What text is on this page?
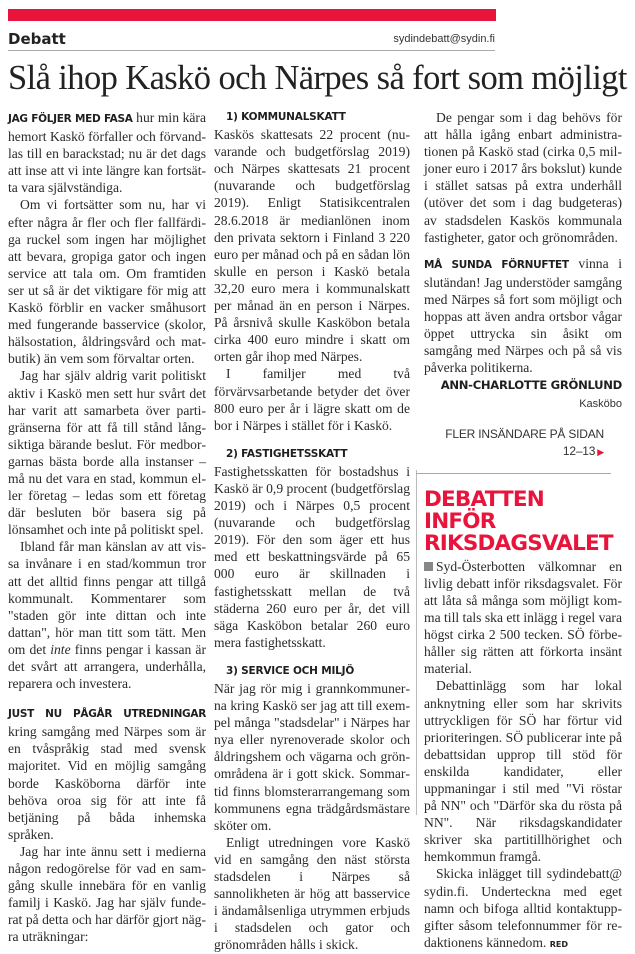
Debatt	sydindebatt@sydin.fi
Slå ihop Kaskö och Närpes så fort som möjligt

JAG FÖLJER MED FASA hur min kära hemort Kaskö förfaller och förvandlas till en barackstad; nu är det dags att inse att vi inte längre kan fortsätta vara självständiga.

Om vi fortsätter som nu, har vi efter några år fler och fler fallfärdiga ruckel som ingen har möjlighet att bevara, gropiga gator och ingen service att tala om. Om framtiden ser ut så är det viktigare för mig att Kaskö förblir en vacker småhusort med fungerande basservice (skolor, hälsostation, åldringsvård och matbutik) än vem som förvaltar orten.

Jag har själv aldrig varit politiskt aktiv i Kaskö men sett hur svårt det har varit att samarbeta över partigränserna för att få till stånd långsiktiga bärande beslut. För medborgarnas bästa borde alla instanser – må nu det vara en stad, kommun eller företag – ledas som ett företag där besluten bör basera sig på lönsamhet och inte på politiskt spel.

Ibland får man känslan av att vissa invånare i en stad/kommun tror att det alltid finns pengar att tillgå kommunalt. Kommentarer som "staden gör inte dittan och inte dattan", hör man titt som tätt. Men om det inte finns pengar i kassan är det svårt att arrangera, underhålla, reparera och investera.

JUST NU PÅGÅR UTREDNINGAR kring samgång med Närpes som är en tvåspråkig stad med svensk majoritet. Vid en möjlig samgång borde Kasköborna därför inte behöva oroa sig för att inte få betjäning på båda inhemska språken.

Jag har inte ännu sett i medierna någon redogörelse för vad en samgång skulle innebära för en vanlig familj i Kaskö. Jag har själv funderat på detta och har därför gjort nägra uträkningar:

1) KOMMUNALSKATT

Kaskös skattesats 22 procent (nuvarande och budgetförslag 2019) och Närpes skattesats 21 procent (nuvarande och budgetförslag 2019). Enligt Statisikcentralen 28.6.2018 är medianlönen inom den privata sektorn i Finland 3 220 euro per månad och på en sådan lön skulle en person i Kaskö betala 32,20 euro mera i kommunalskatt per månad än en person i Närpes. På årsnivå skulle Kasköbon betala cirka 400 euro mindre i skatt om orten går ihop med Närpes.

I familjer med två förvärvsarbetande betyder det över 800 euro per år i lägre skatt om de bor i Närpes i stället för i Kaskö.

2) FASTIGHETSSKATT

Fastighetsskatten för bostadshus i Kaskö är 0,9 procent (budgetförslag 2019) och i Närpes 0,5 procent (nuvarande och budgetförslag 2019). För den som äger ett hus med ett beskattningsvärde på 65 000 euro är skillnaden i fastighetsskatt mellan de två städerna 260 euro per år, det vill säga Kasköbon betalar 260 euro mera fastighetsskatt.

3) SERVICE OCH MILJÖ

När jag rör mig i grannkommunerna kring Kaskö ser jag att till exempel många "stadsdelar" i Närpes har nya eller nyrenoverade skolor och åldringshem och vägarna och grönområdena är i gott skick. Sommartid finns blomsterarrangemang som kommunens egna trädgårdsmästare sköter om.

Enligt utredningen vore Kaskö vid en samgång den näst största stadsdelen i Närpes så sannolikheten är hög att basservice i ändamålsenliga utrymmen erbjuds i stadsdelen och gator och grönområden hålls i skick.

De pengar som i dag behövs för att hålla igång enbart administrationen på Kaskö stad (cirka 0,5 miljoner euro i 2017 års bokslut) kunde i stället satsas på extra underhåll (utöver det som i dag budgeteras) av stadsdelen Kaskös kommunala fastigheter, gator och grönområden.

MÅ SUNDA FÖRNUFTET vinna i slutändan! Jag understöder samgång med Närpes så fort som möjligt och hoppas att även andra ortsbor vågar öppet uttrycka sin åsikt om samgång med Närpes och på så vis påverka politikerna.

ANN-CHARLOTTE GRÖNLUND
Kasköbo
FLER INSÄNDARE PÅ SIDAN 12–13 ▶
DEBATTEN INFÖR
RIKSDAGSVALET

Syd-Österbotten välkomnar en livlig debatt inför riksdagsvalet. För att låta så många som möjligt komma till tals ska ett inlägg i regel vara högst cirka 2 500 tecken. SÖ förbehåller sig rätten att förkorta insänt material.

Debattinlägg som har lokal anknytning eller som har skrivits uttryckligen för SÖ har förtur vid prioriteringen. SÖ publicerar inte på debattsidan upprop till stöd för enskilda kandidater, eller uppmaningar i stil med "Vi röstar på NN" och "Därför ska du rösta på NN". När riksdagskandidater skriver ska partitillhörighet och hemkommun framgå.

Skicka inlägget till sydindebatt@ sydin.fi. Underteckna med eget namn och bifoga alltid kontaktuppgifter såsom telefonnummer för redaktionens kännedom. RED
